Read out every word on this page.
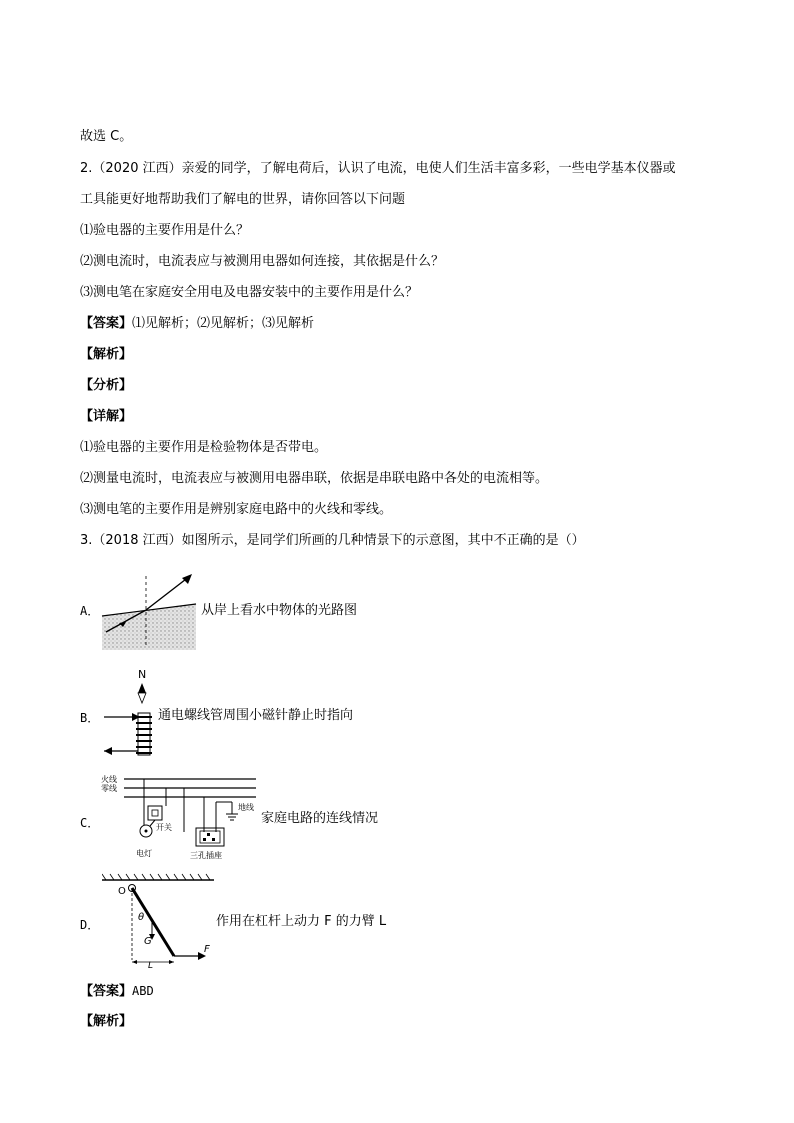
故选 C。
2.（2020 江西）亲爱的同学，了解电荷后，认识了电流，电使人们生活丰富多彩，一些电学基本仪器或
工具能更好地帮助我们了解电的世界，请你回答以下问题
⑴验电器的主要作用是什么？
⑵测电流时，电流表应与被测用电器如何连接，其依据是什么？
⑶测电笔在家庭安全用电及电器安装中的主要作用是什么？
【答案】⑴见解析；⑵见解析；⑶见解析
【解析】
【分析】
【详解】
⑴验电器的主要作用是检验物体是否带电。
⑵测量电流时，电流表应与被测用电器串联，依据是串联电路中各处的电流相等。
⑶测电笔的主要作用是辨别家庭电路中的火线和零线。
3.（2018 江西）如图所示，是同学们所画的几种情景下的示意图，其中不正确的是（）
A．	从岸上看水中物体的光路图
B．
N
通电螺线管周围小磁针静止时指向
C．
火线
零线
开关
电灯	三孔插座
地线
家庭电路的连线情况
D．
O
F
θ
G
L
作用在杠杆上动力 F 的力臂 L
【答案】ABD
【解析】
